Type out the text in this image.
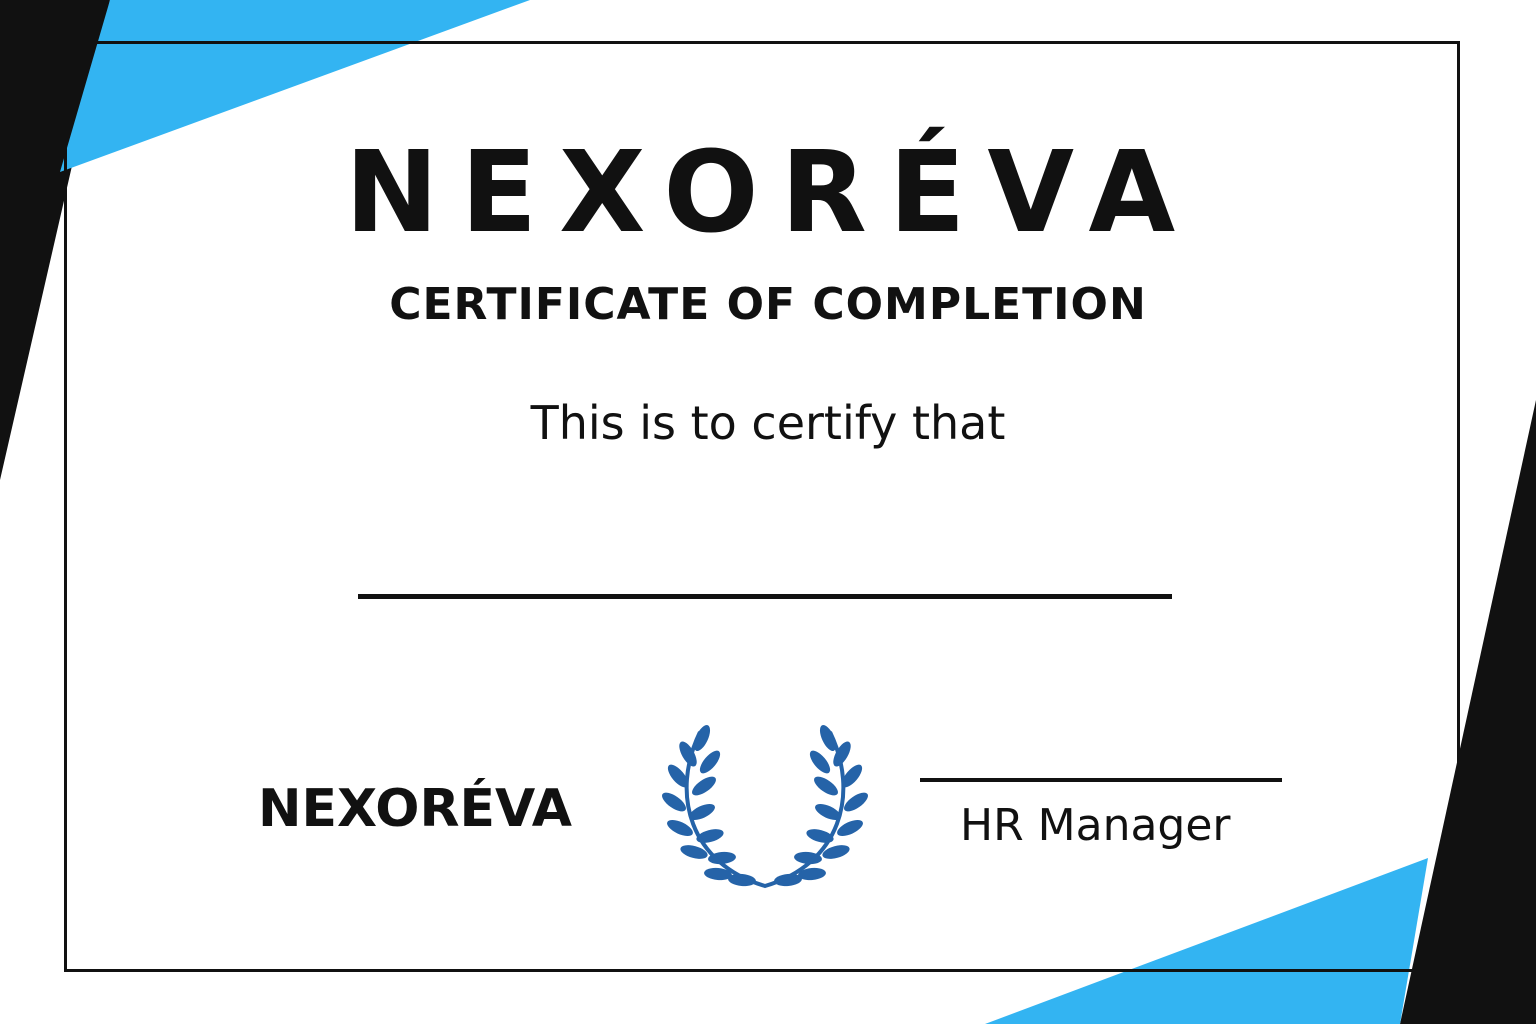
NEXORÉVA
CERTIFICATE OF COMPLETION
This is to certify that
NEXORÉVA	HR Manager
